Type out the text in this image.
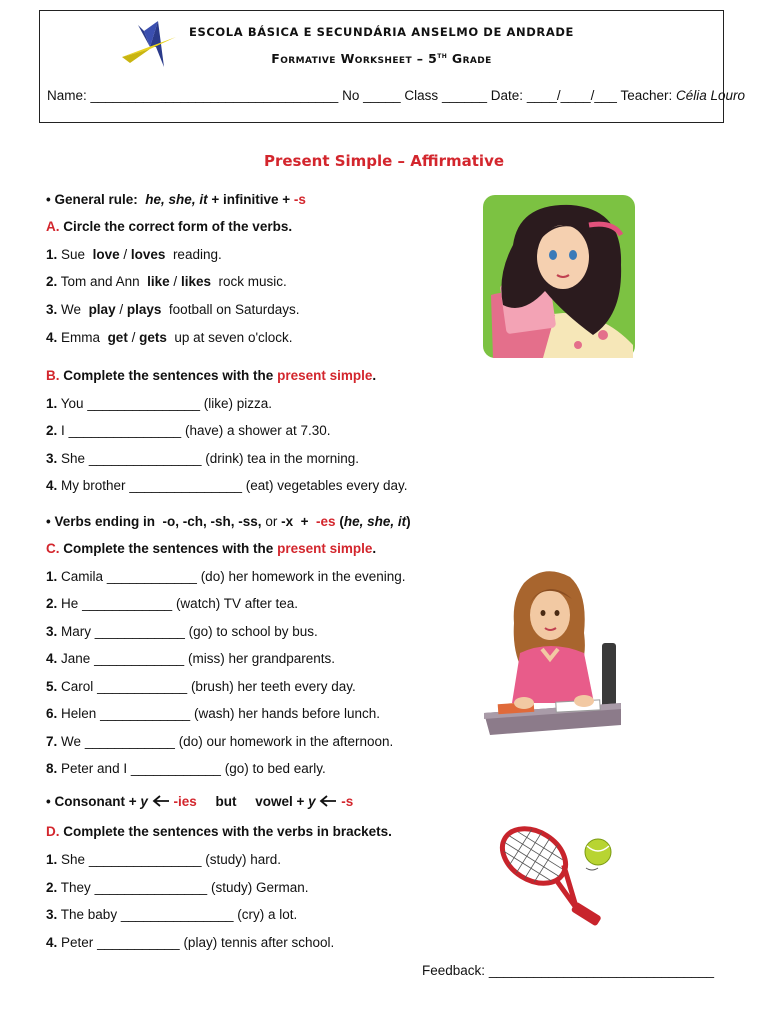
ESCOLA BÁSICA E SECUNDÁRIA ANSELMO DE ANDRADE
Formative Worksheet – 5th Grade
Name: _________________________________ No _____ Class ______ Date: ____/____/___ Teacher: Célia Louro
Present Simple – Affirmative
• General rule: he, she, it + infinitive + -s
A. Circle the correct form of the verbs.
1. Sue love / loves reading.
2. Tom and Ann like / likes rock music.
3. We play / plays football on Saturdays.
4. Emma get / gets up at seven o'clock.
B. Complete the sentences with the present simple.
1. You _______________ (like) pizza.
2. I _______________ (have) a shower at 7.30.
3. She _______________ (drink) tea in the morning.
4. My brother _______________ (eat) vegetables every day.
• Verbs ending in -o, -ch, -sh, -ss, or -x + -es (he, she, it)
C. Complete the sentences with the present simple.
1. Camila ____________ (do) her homework in the evening.
2. He ____________ (watch) TV after tea.
3. Mary ____________ (go) to school by bus.
4. Jane ____________ (miss) her grandparents.
5. Carol ____________ (brush) her teeth every day.
6. Helen ____________ (wash) her hands before lunch.
7. We ____________ (do) our homework in the afternoon.
8. Peter and I ____________ (go) to bed early.
• Consonant + y -ies but vowel + y -s
D. Complete the sentences with the verbs in brackets.
1. She _______________ (study) hard.
2. They _______________ (study) German.
3. The baby _______________ (cry) a lot.
4. Peter ___________ (play) tennis after school.
Feedback: ______________________________
